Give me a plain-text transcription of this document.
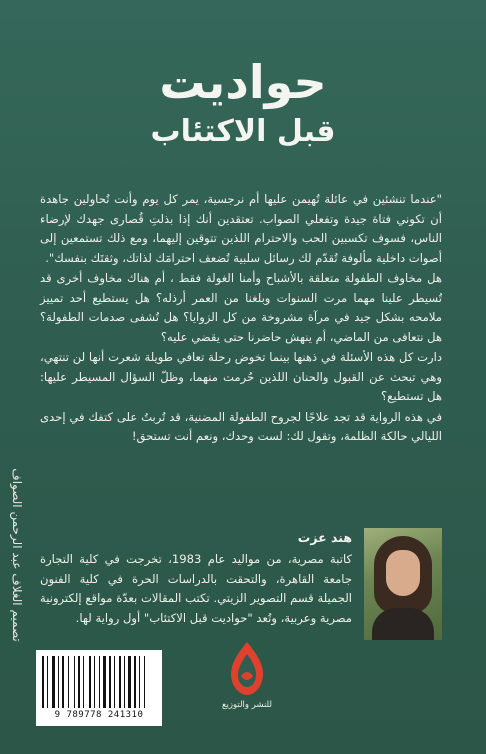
حواديت
قبل الاكتئاب

"عندما تنشئين في عائلة تُهيمن عليها أم نرجسية، يمر كل يوم وأنت تُحاولين جاهدة أن تكوني فتاة جيدة وتفعلي الصواب. تعتقدين أنك إذا بذلتِ قُصارى جهدك لإرضاء الناس، فسوف تكسبين الحب والاحترام اللذين تتوقين إليهما، ومع ذلك تستمعين إلى أصوات داخلية مألوفة تُقدّم لك رسائل سلبية تُضعف احترامَك لذاتك، وثقتَك بنفسك".

هل مخاوف الطفولة متعلقة بالأشباح وأمنا الغولة فقط ، أم هناك مخاوف أخرى قد تُسيطر علينا مهما مرت السنوات وبلغنا من العمر أرذله؟ هل يستطيع أحد تمييز ملامحه بشكل جيد في مرآة مشروخة من كل الزوايا؟ هل تُشفى صدمات الطفولة؟ هل نتعافى من الماضي، أم ينهش حاضرنا حتى يقضي عليه؟

دارت كل هذه الأسئلة في ذهنها بينما تخوض رحلة تعافي طويلة شعرت أنها لن تنتهي، وهي تبحث عن القبول والحنان اللذين حُرمت منهما، وظلّ السؤال المسيطر عليها: هل تستطيع؟

في هذه الرواية قد تجد علاجًا لجروح الطفولة المضنية، قد تُربتُ على كتفك في إحدى الليالي حالكة الظلمة، وتقول لك: لست وحدك، ونعم أنت تستحق!

تصميم الغلاف عبد الرحمن الصواف	هند عزت
كاتبة مصرية، من مواليد عام 1983، تخرجت في كلية التجارة جامعة القاهرة، والتحقت بالدراسات الحرة في كلية الفنون الجميلة قسم التصوير الزيتي. تكتب المقالات بعدّة مواقع إلكترونية مصرية وعربية، وتُعد "حواديت قبل الاكتئاب" أول رواية لها.
للنشر والتوزيع
9 789778 241310
